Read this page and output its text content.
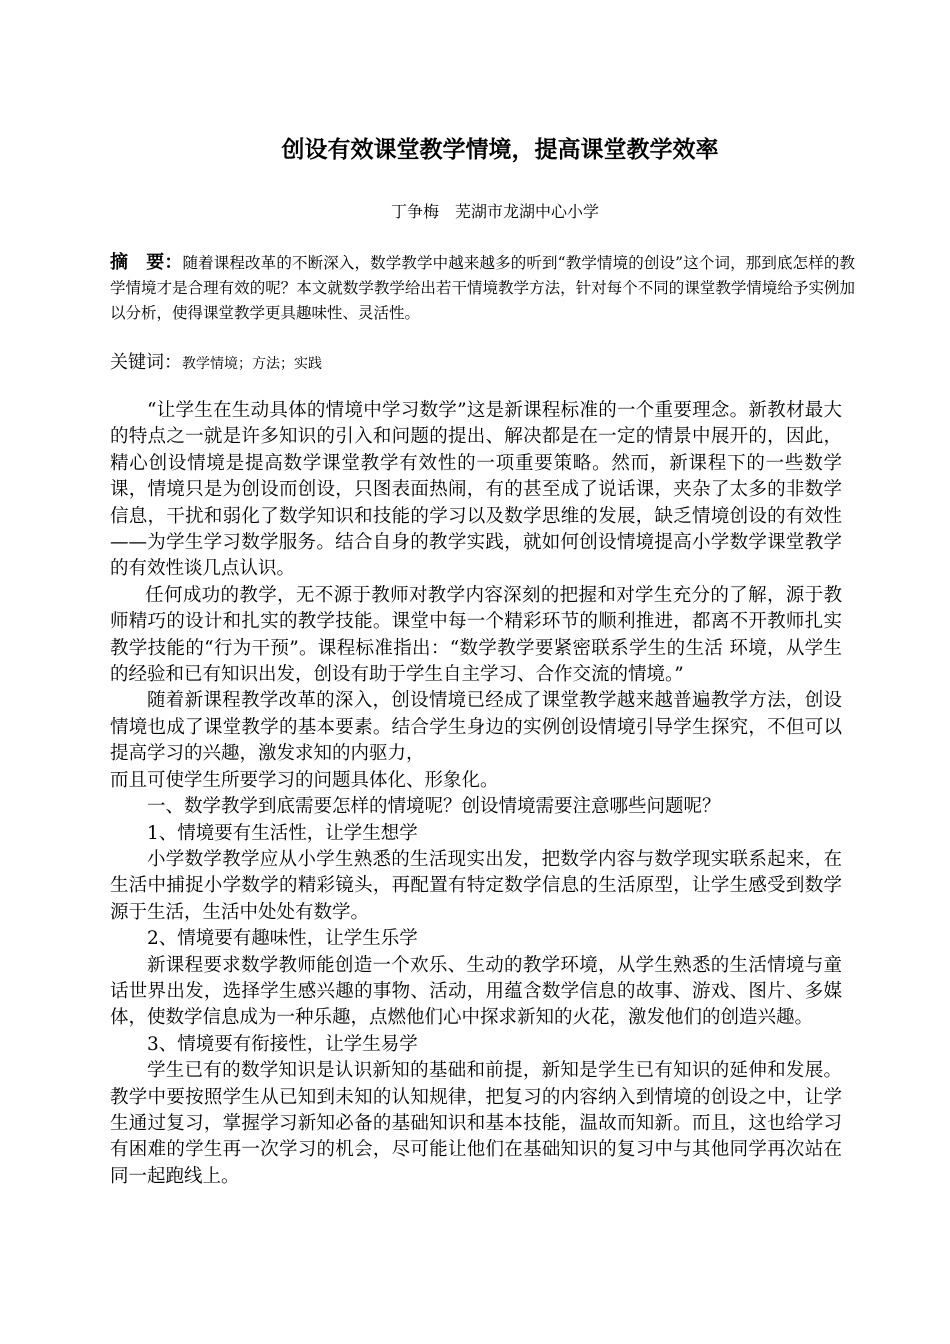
创设有效课堂教学情境，提高课堂教学效率
丁争梅　芜湖市龙湖中心小学
摘　要：随着课程改革的不断深入，数学教学中越来越多的听到“教学情境的创设”这个词，那到底怎样的教学情境才是合理有效的呢？本文就数学教学给出若干情境教学方法，针对每个不同的课堂教学情境给予实例加以分析，使得课堂教学更具趣味性、灵活性。
关键词：教学情境；方法；实践

“让学生在生动具体的情境中学习数学”这是新课程标准的一个重要理念。新教材最大的特点之一就是许多知识的引入和问题的提出、解决都是在一定的情景中展开的，因此，精心创设情境是提高数学课堂教学有效性的一项重要策略。然而，新课程下的一些数学课，情境只是为创设而创设，只图表面热闹，有的甚至成了说话课，夹杂了太多的非数学信息，干扰和弱化了数学知识和技能的学习以及数学思维的发展，缺乏情境创设的有效性——为学生学习数学服务。结合自身的教学实践，就如何创设情境提高小学数学课堂教学的有效性谈几点认识。

任何成功的教学，无不源于教师对教学内容深刻的把握和对学生充分的了解，源于教师精巧的设计和扎实的教学技能。课堂中每一个精彩环节的顺利推进，都离不开教师扎实教学技能的“行为干预”。课程标准指出：“数学教学要紧密联系学生的生活 环境，从学生的经验和已有知识出发，创设有助于学生自主学习、合作交流的情境。”

随着新课程教学改革的深入，创设情境已经成了课堂教学越来越普遍教学方法，创设情境也成了课堂教学的基本要素。结合学生身边的实例创设情境引导学生探究，不但可以提高学习的兴趣，激发求知的内驱力，

而且可使学生所要学习的问题具体化、形象化。

一、数学教学到底需要怎样的情境呢？创设情境需要注意哪些问题呢？

1、情境要有生活性，让学生想学

小学数学教学应从小学生熟悉的生活现实出发，把数学内容与数学现实联系起来，在生活中捕捉小学数学的精彩镜头，再配置有特定数学信息的生活原型，让学生感受到数学源于生活，生活中处处有数学。

2、情境要有趣味性，让学生乐学

新课程要求数学教师能创造一个欢乐、生动的教学环境，从学生熟悉的生活情境与童话世界出发，选择学生感兴趣的事物、活动，用蕴含数学信息的故事、游戏、图片、多媒体，使数学信息成为一种乐趣，点燃他们心中探求新知的火花，激发他们的创造兴趣。

3、情境要有衔接性，让学生易学

学生已有的数学知识是认识新知的基础和前提，新知是学生已有知识的延伸和发展。教学中要按照学生从已知到未知的认知规律，把复习的内容纳入到情境的创设之中，让学生通过复习，掌握学习新知必备的基础知识和基本技能，温故而知新。而且，这也给学习有困难的学生再一次学习的机会，尽可能让他们在基础知识的复习中与其他同学再次站在同一起跑线上。
